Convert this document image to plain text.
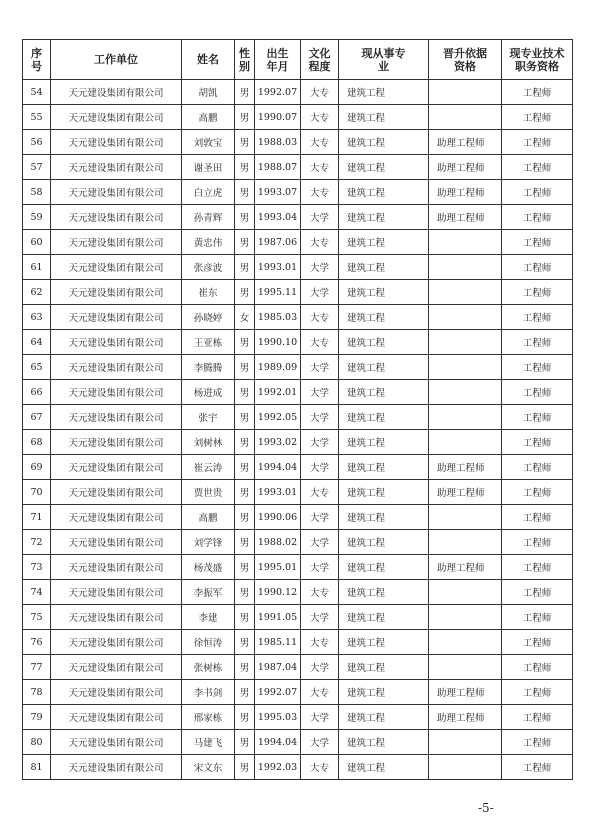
序号	工作单位	姓名	性别	出生年月	文化程度	现从事专业	晋升依据资格	现专业技术职务资格
54	天元建设集团有限公司	胡凯	男	1992.07	大专	建筑工程		工程师
55	天元建设集团有限公司	高鹏	男	1990.07	大专	建筑工程		工程师
56	天元建设集团有限公司	刘敦宝	男	1988.03	大专	建筑工程	助理工程师	工程师
57	天元建设集团有限公司	谢圣田	男	1988.07	大专	建筑工程	助理工程师	工程师
58	天元建设集团有限公司	白立虎	男	1993.07	大专	建筑工程	助理工程师	工程师
59	天元建设集团有限公司	孙青辉	男	1993.04	大学	建筑工程	助理工程师	工程师
60	天元建设集团有限公司	黄忠伟	男	1987.06	大专	建筑工程		工程师
61	天元建设集团有限公司	张彦波	男	1993.01	大学	建筑工程		工程师
62	天元建设集团有限公司	崔东	男	1995.11	大学	建筑工程		工程师
63	天元建设集团有限公司	孙晓婷	女	1985.03	大专	建筑工程		工程师
64	天元建设集团有限公司	王亚栋	男	1990.10	大专	建筑工程		工程师
65	天元建设集团有限公司	李腾腾	男	1989.09	大学	建筑工程		工程师
66	天元建设集团有限公司	杨进成	男	1992.01	大学	建筑工程		工程师
67	天元建设集团有限公司	张宇	男	1992.05	大学	建筑工程		工程师
68	天元建设集团有限公司	刘树林	男	1993.02	大学	建筑工程		工程师
69	天元建设集团有限公司	崔云涛	男	1994.04	大学	建筑工程	助理工程师	工程师
70	天元建设集团有限公司	贾世贵	男	1993.01	大专	建筑工程	助理工程师	工程师
71	天元建设集团有限公司	高鹏	男	1990.06	大学	建筑工程		工程师
72	天元建设集团有限公司	刘学锋	男	1988.02	大学	建筑工程		工程师
73	天元建设集团有限公司	杨茂盛	男	1995.01	大学	建筑工程	助理工程师	工程师
74	天元建设集团有限公司	李振军	男	1990.12	大专	建筑工程		工程师
75	天元建设集团有限公司	李建	男	1991.05	大学	建筑工程		工程师
76	天元建设集团有限公司	徐恒涛	男	1985.11	大专	建筑工程		工程师
77	天元建设集团有限公司	张树栋	男	1987.04	大学	建筑工程		工程师
78	天元建设集团有限公司	李书剑	男	1992.07	大专	建筑工程	助理工程师	工程师
79	天元建设集团有限公司	邢家栋	男	1995.03	大学	建筑工程	助理工程师	工程师
80	天元建设集团有限公司	马建飞	男	1994.04	大学	建筑工程		工程师
81	天元建设集团有限公司	宋文东	男	1992.03	大专	建筑工程		工程师
-5-
